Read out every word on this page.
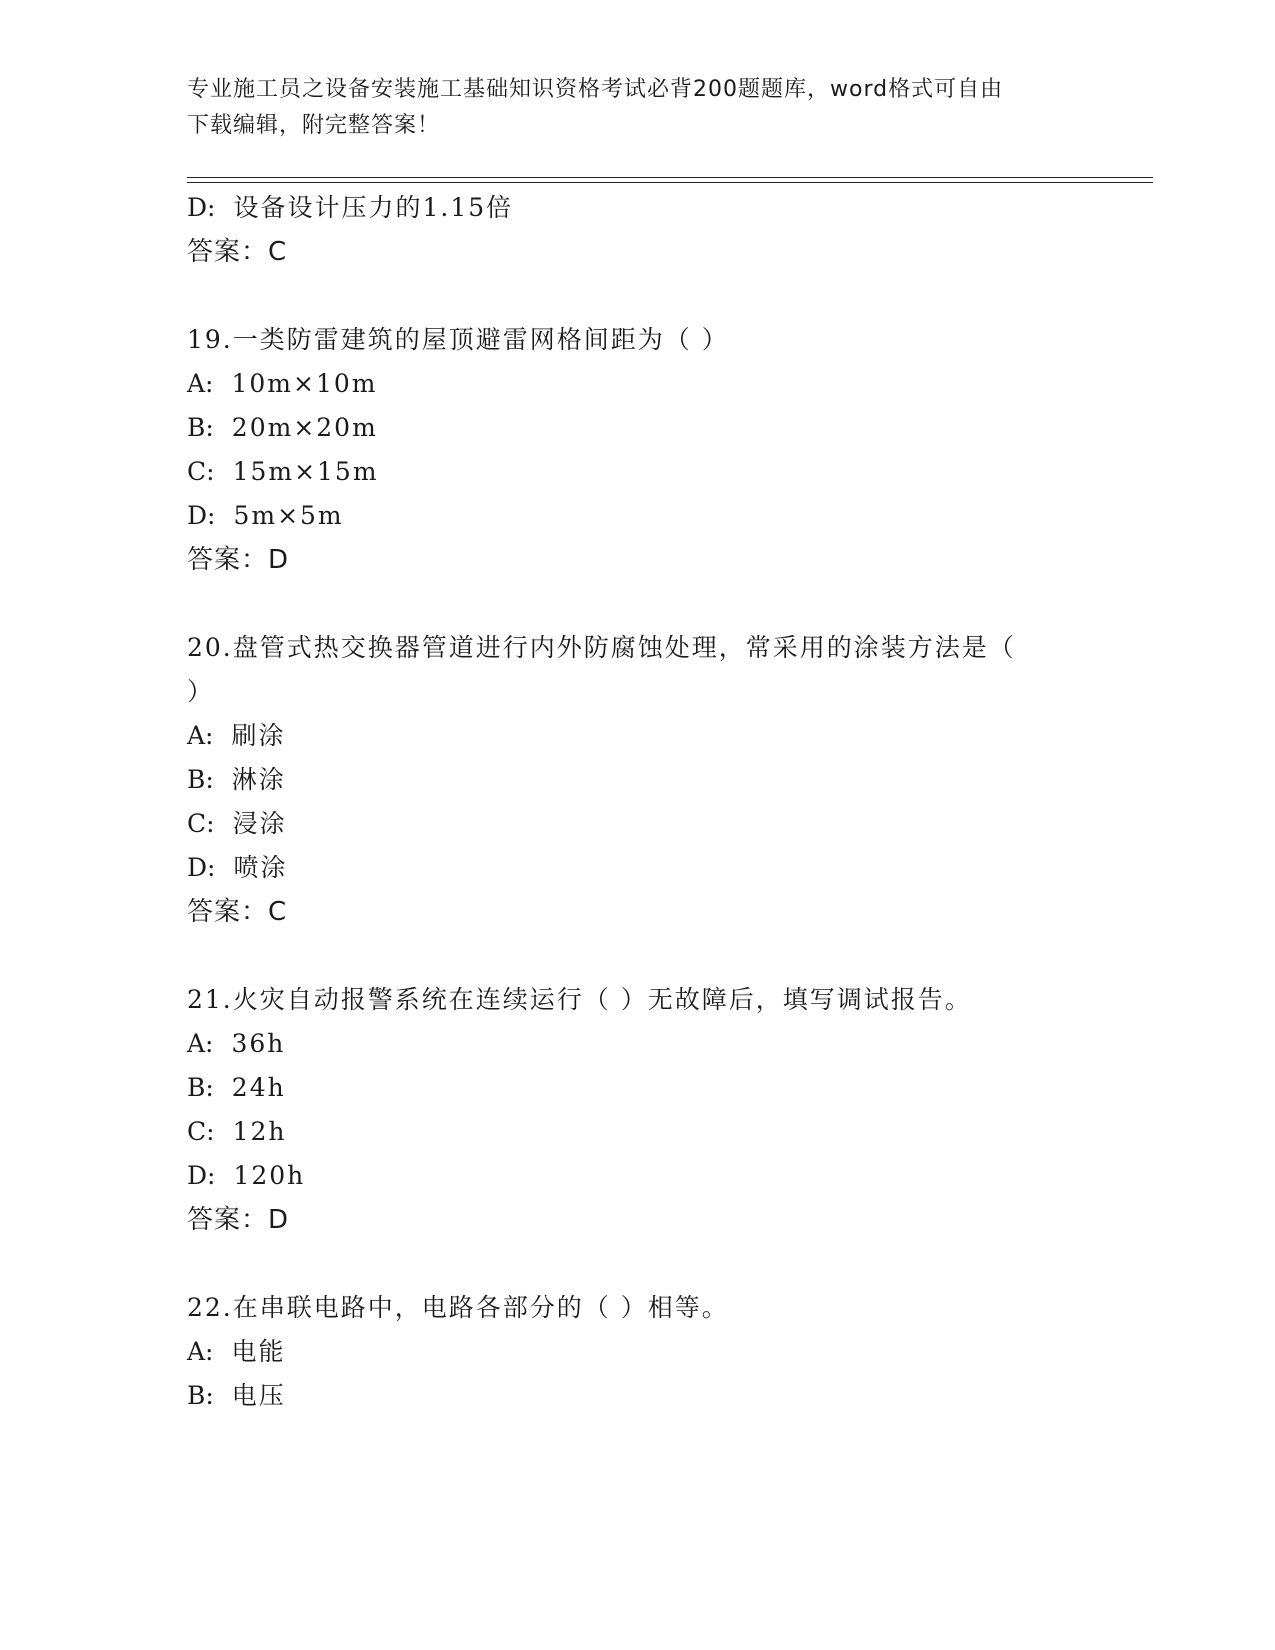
专业施工员之设备安装施工基础知识资格考试必背200题题库，word格式可自由
下载编辑，附完整答案！
D: 设备设计压力的1.15倍
答案：C
19.一类防雷建筑的屋顶避雷网格间距为（ ）
A: 10m×10m
B: 20m×20m
C: 15m×15m
D: 5m×5m
答案：D
20.盘管式热交换器管道进行内外防腐蚀处理，常采用的涂装方法是（
）
A: 刷涂
B: 淋涂
C: 浸涂
D: 喷涂
答案：C
21.火灾自动报警系统在连续运行（ ）无故障后，填写调试报告。
A: 36h
B: 24h
C: 12h
D: 120h
答案：D
22.在串联电路中，电路各部分的（ ）相等。
A: 电能
B: 电压
